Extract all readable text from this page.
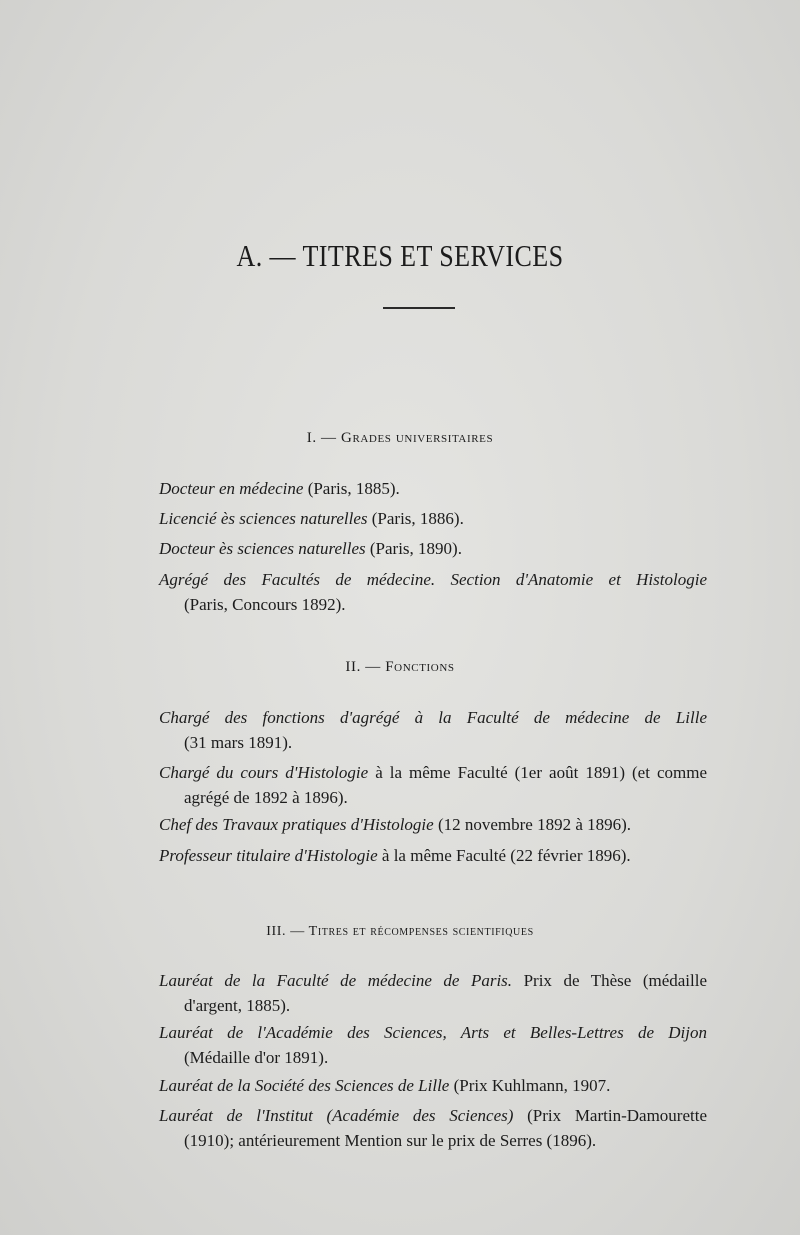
A. — TITRES ET SERVICES
I. — Grades universitaires
Docteur en médecine (Paris, 1885).
Licencié ès sciences naturelles (Paris, 1886).
Docteur ès sciences naturelles (Paris, 1890).
Agrégé des Facultés de médecine. Section d'Anatomie et Histologie
(Paris, Concours 1892).
II. — Fonctions
Chargé des fonctions d'agrégé à la Faculté de médecine de Lille
(31 mars 1891).
Chargé du cours d'Histologie à la même Faculté (1er août 1891) (et comme
agrégé de 1892 à 1896).
Chef des Travaux pratiques d'Histologie (12 novembre 1892 à 1896).
Professeur titulaire d'Histologie à la même Faculté (22 février 1896).
III. — Titres et récompenses scientifiques
Lauréat de la Faculté de médecine de Paris. Prix de Thèse (médaille
d'argent, 1885).
Lauréat de l'Académie des Sciences, Arts et Belles-Lettres de Dijon
(Médaille d'or 1891).
Lauréat de la Société des Sciences de Lille (Prix Kuhlmann, 1907.
Lauréat de l'Institut (Académie des Sciences) (Prix Martin-Damourette
(1910); antérieurement Mention sur le prix de Serres (1896).
